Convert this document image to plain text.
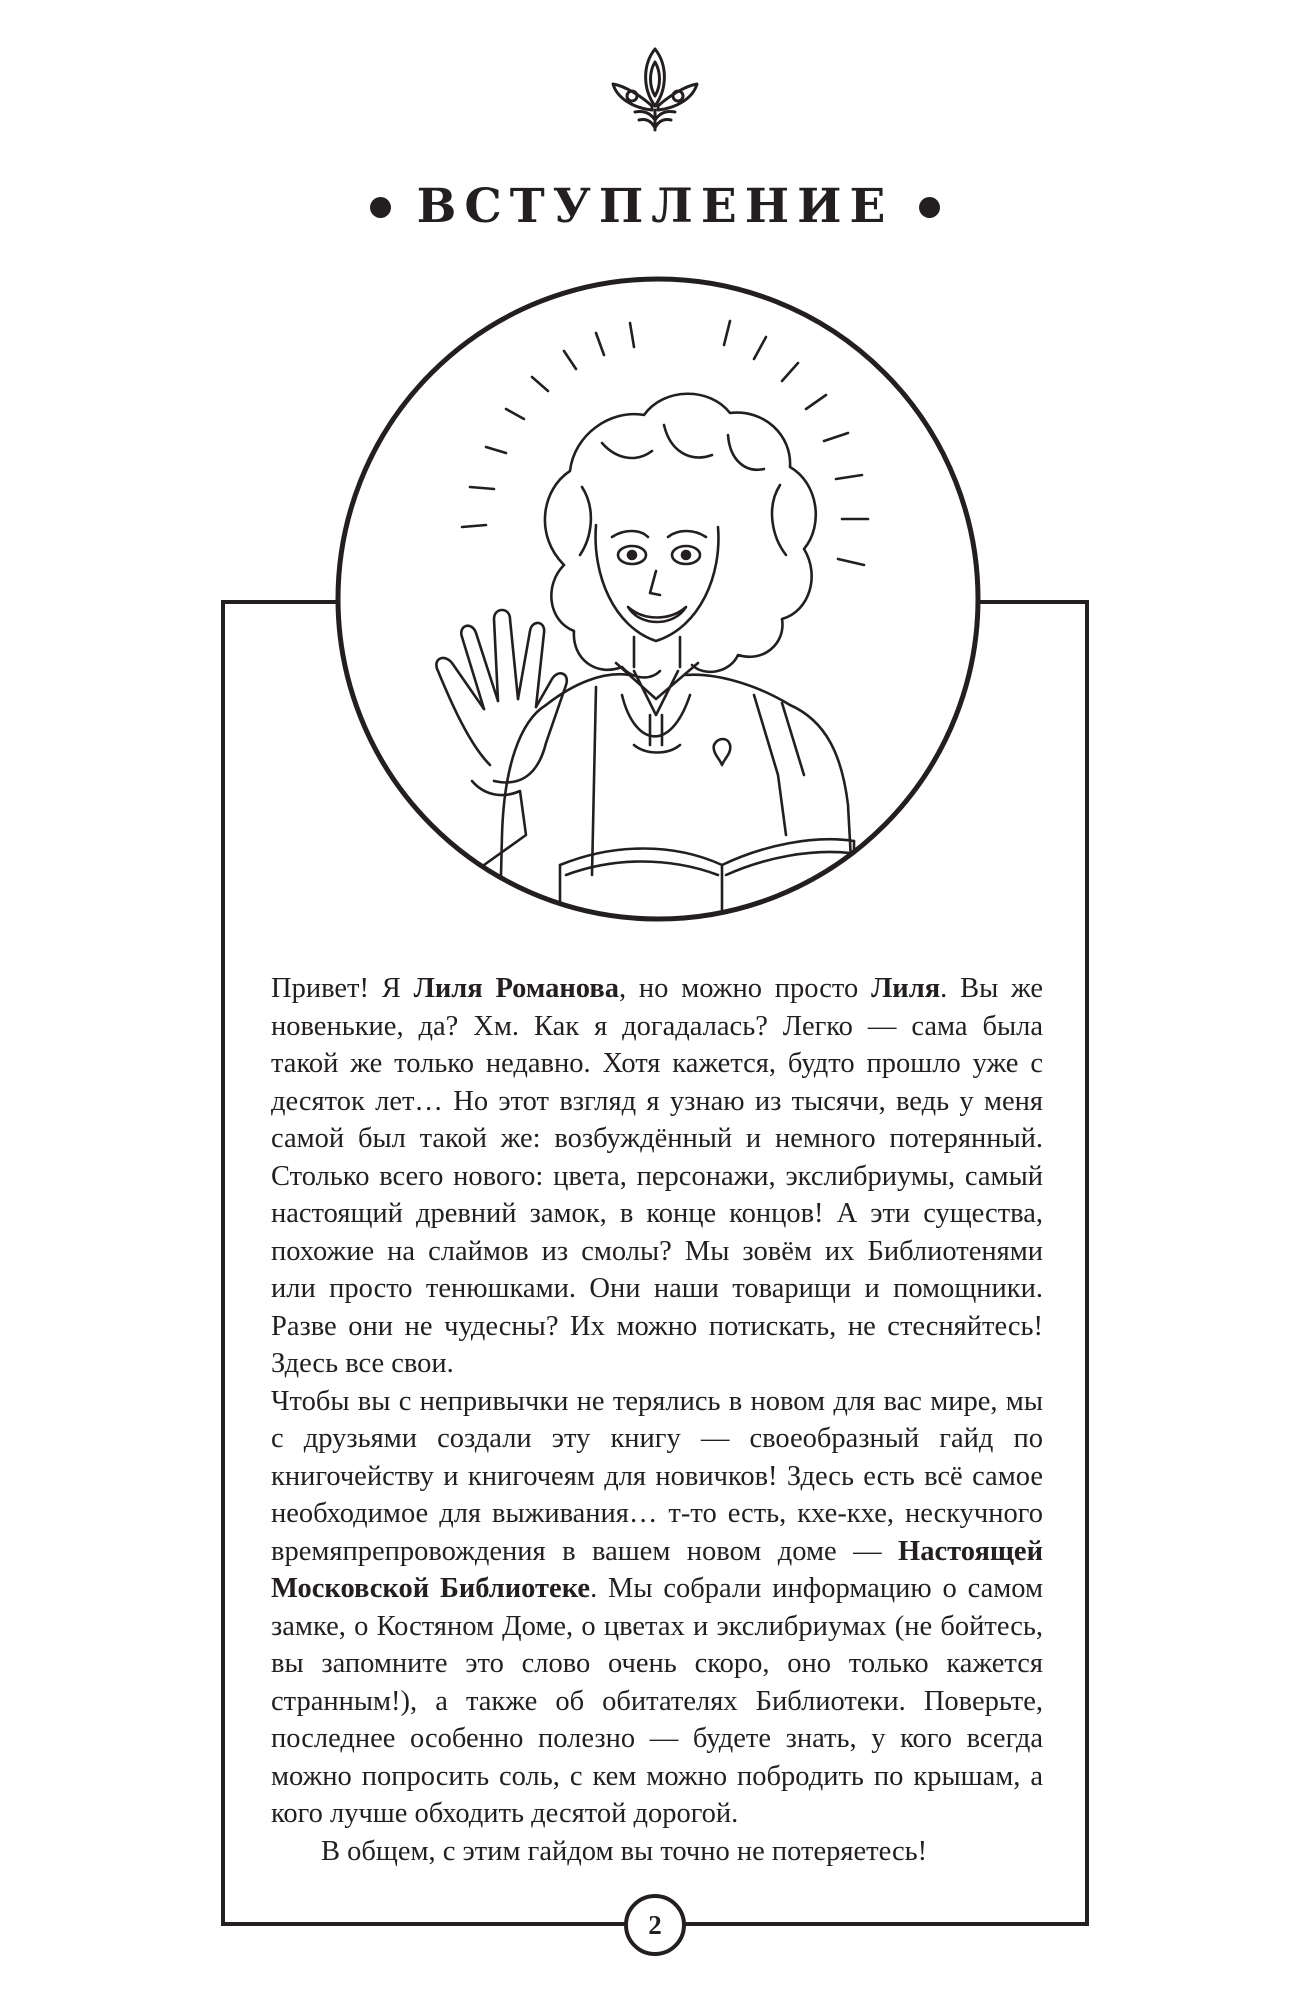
ВСТУПЛЕНИЕ

Привет! Я Лиля Романова, но можно просто Лиля. Вы же новенькие, да? Хм. Как я догадалась? Легко — сама была такой же только недавно. Хотя кажется, будто прошло уже с десяток лет… Но этот взгляд я узнаю из тысячи, ведь у меня самой был такой же: возбуждённый и немного потерянный. Столько всего нового: цвета, персонажи, экслибриумы, самый настоящий древний замок, в конце концов! А эти существа, похожие на слаймов из смолы? Мы зовём их Библиотенями или просто тенюшками. Они наши товарищи и помощники. Разве они не чудесны? Их можно потискать, не стесняйтесь! Здесь все свои.

Чтобы вы с непривычки не терялись в новом для вас мире, мы с друзьями создали эту книгу — своеобразный гайд по книгочейству и книгочеям для новичков! Здесь есть всё самое необходимое для выживания… т-то есть, кхе-кхе, нескучного времяпрепровождения в вашем новом доме — Настоящей Московской Библиотеке. Мы собрали информацию о самом замке, о Костяном Доме, о цветах и экслибриумах (не бойтесь, вы запомните это слово очень скоро, оно только кажется странным!), а также об обитателях Библиотеки. Поверьте, последнее особенно полезно — будете знать, у кого всегда можно попросить соль, с кем можно побродить по крышам, а кого лучше обходить десятой дорогой.

В общем, с этим гайдом вы точно не потеряетесь!

2
